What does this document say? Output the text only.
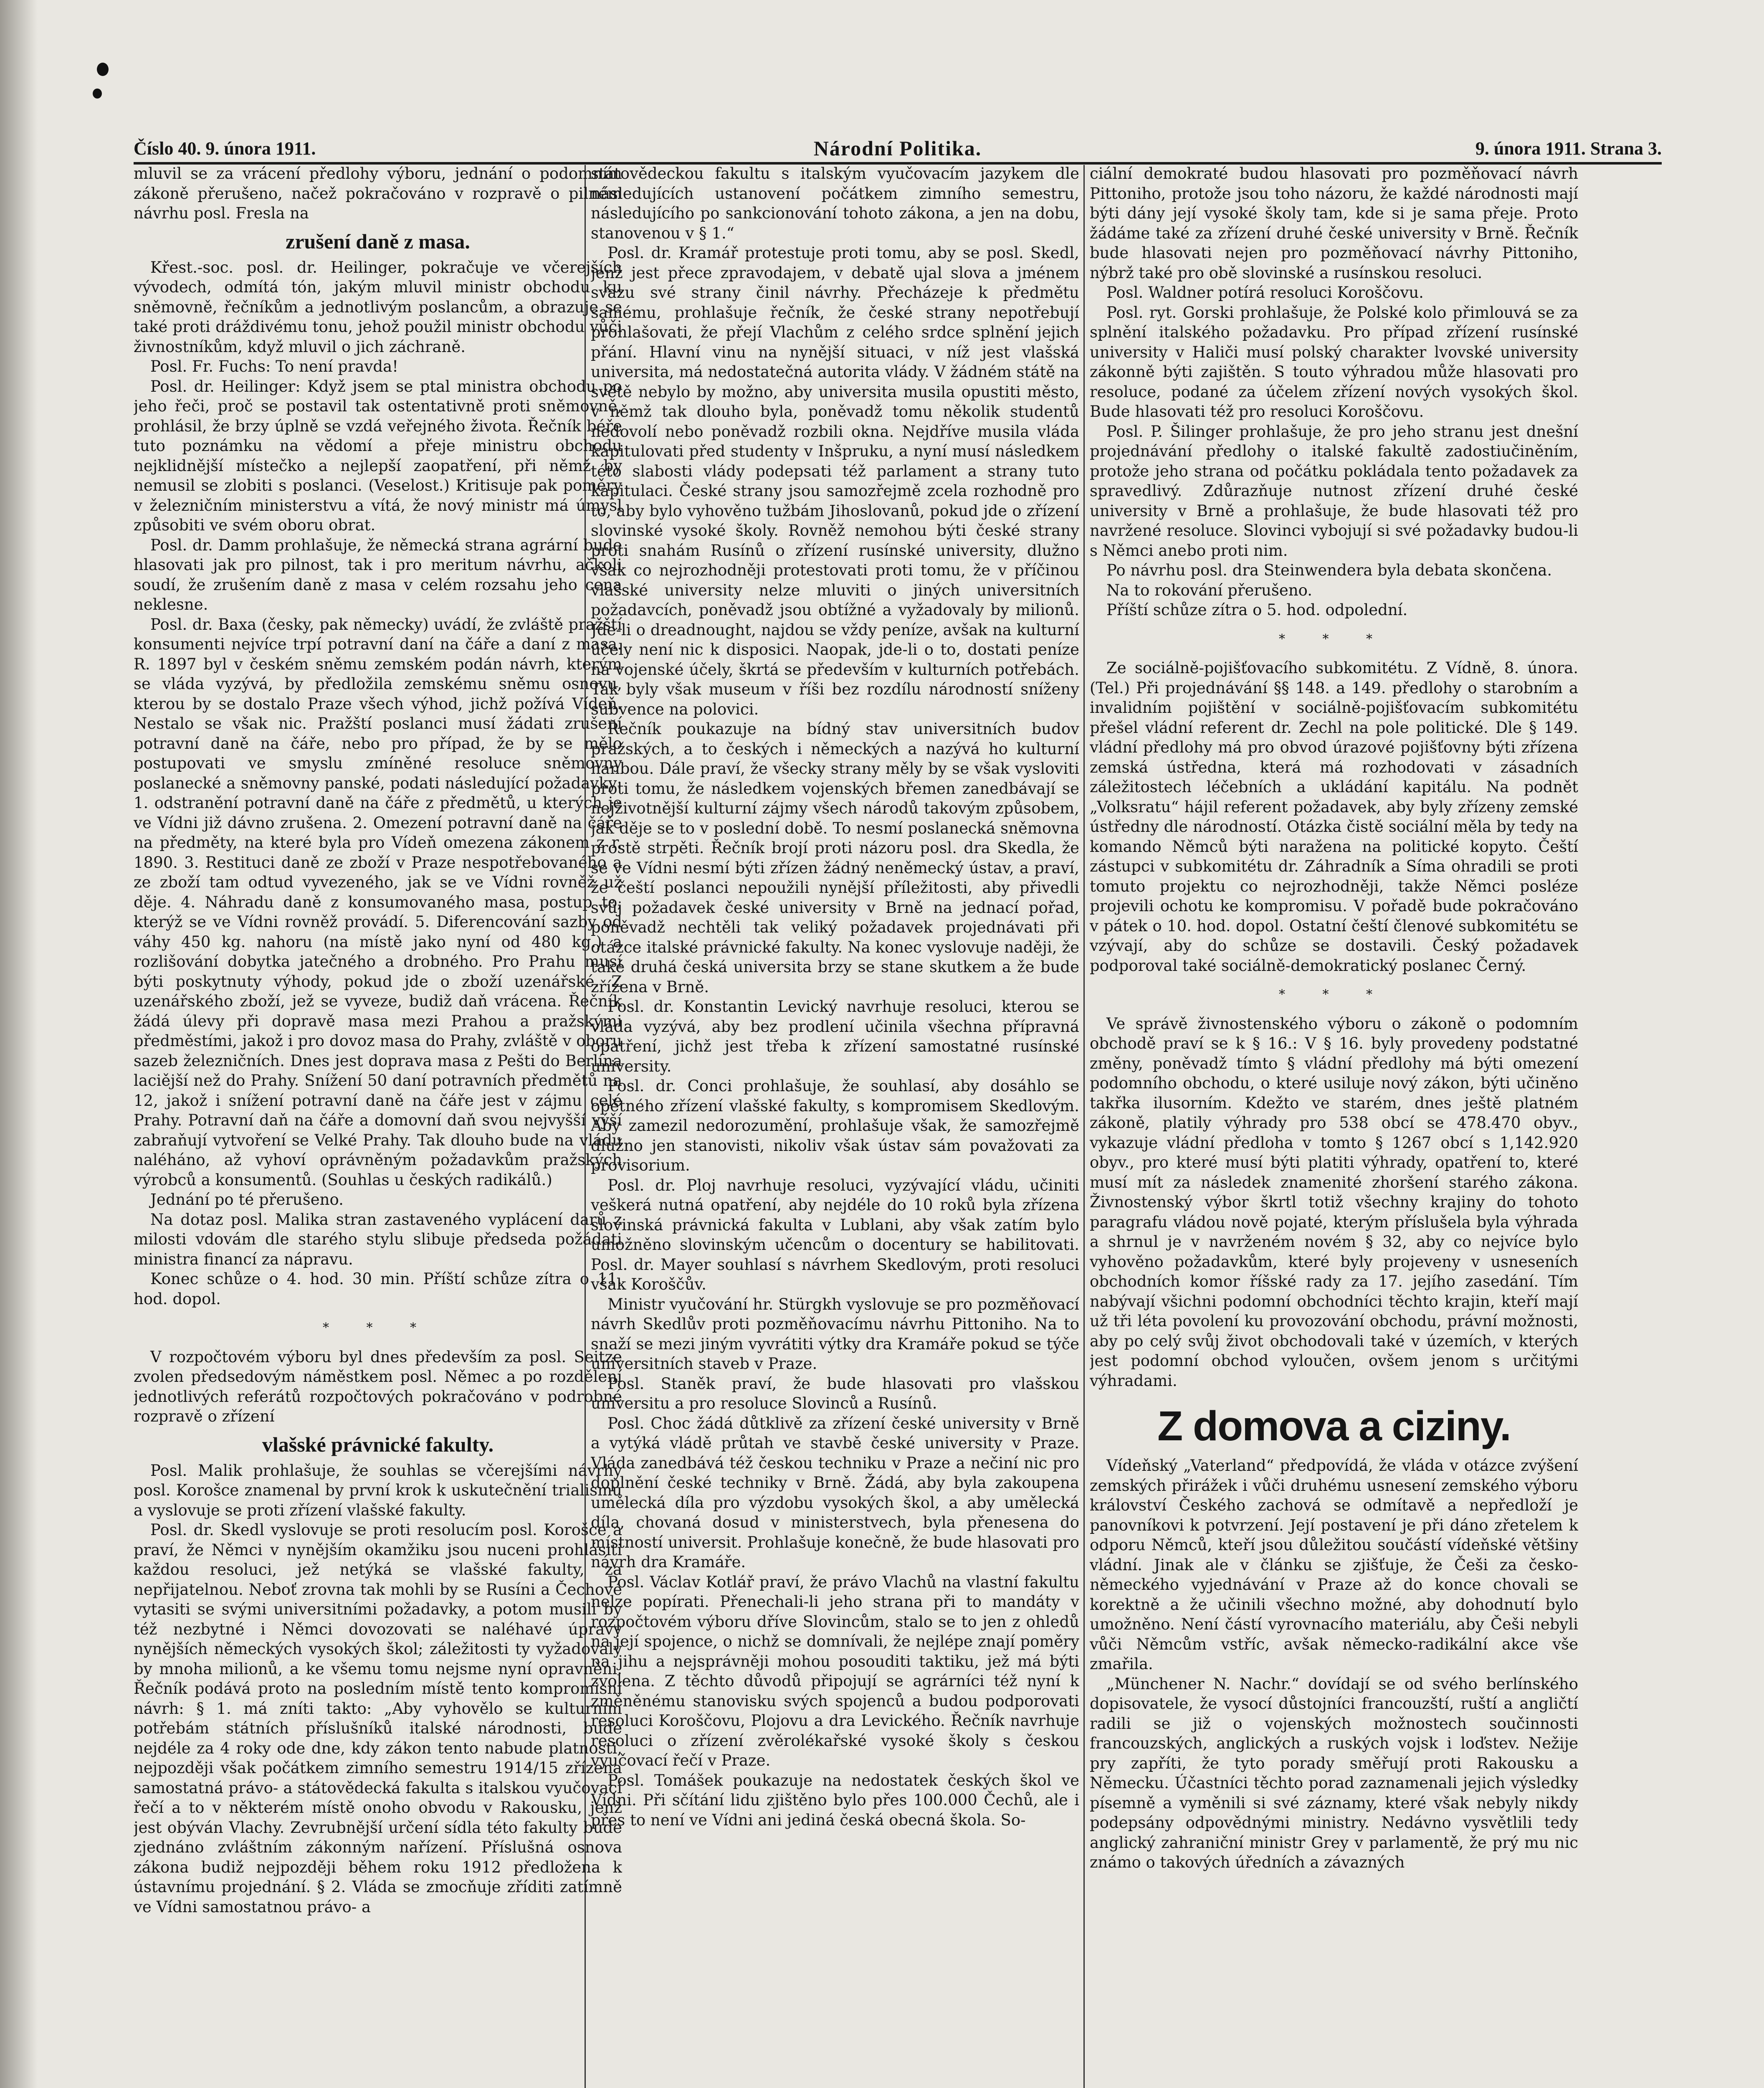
Číslo 40. 9. února 1911.	Národní Politika.	9. února 1911. Strana 3.

mluvil se za vrácení předlohy výboru, jednání o podomním zákoně přerušeno, načež pokračováno v rozpravě o pilném návrhu posl. Fresla na

zrušení daně z masa.

Křest.-soc. posl. dr. Heilinger, pokračuje ve včerejších vývodech, odmítá tón, jakým mluvil ministr obchodu ku sněmovně, řečníkům a jednotlivým poslancům, a obrazuje se také proti dráždivému tonu, jehož použil ministr obchodu vůči živnostníkům, když mluvil o jich záchraně.

Posl. Fr. Fuchs: To není pravda!

Posl. dr. Heilinger: Když jsem se ptal ministra obchodu po jeho řeči, proč se postavil tak ostentativně proti sněmovně, prohlásil, že brzy úplně se vzdá veřejného života. Řečník béře tuto poznámku na vědomí a přeje ministru obchodu nejklidnější místečko a nejlepší zaopatření, při němž by nemusil se zlobiti s poslanci. (Veselost.) Kritisuje pak poměry v železničním ministerstvu a vítá, že nový ministr má úmysl způsobiti ve svém oboru obrat.

Posl. dr. Damm prohlašuje, že německá strana agrární bude hlasovati jak pro pilnost, tak i pro meritum návrhu, ačkoli soudí, že zrušením daně z masa v celém rozsahu jeho cena neklesne.

Posl. dr. Baxa (česky, pak německy) uvádí, že zvláště pražští konsumenti nejvíce trpí potravní daní na čáře a daní z masa. R. 1897 byl v českém sněmu zemském podán návrh, kterým se vláda vyzývá, by předložila zemskému sněmu osnovu, kterou by se dostalo Praze všech výhod, jichž požívá Vídeň. Nestalo se však nic. Pražští poslanci musí žádati zrušení potravní daně na čáře, nebo pro případ, že by se mělo postupovati ve smyslu zmíněné resoluce sněmovny poslanecké a sněmovny panské, podati následující požadavky: 1. odstranění potravní daně na čáře z předmětů, u kterých je ve Vídni již dávno zrušena. 2. Omezení potravní daně na čáře na předměty, na které byla pro Vídeň omezena zákonem z r. 1890. 3. Restituci daně ze zboží v Praze nespotřebovaného a ze zboží tam odtud vyvezeného, jak se ve Vídni rovněž už děje. 4. Náhradu daně z konsumovaného masa, postup to, kterýž se ve Vídni rovněž provádí. 5. Diferencování sazby od váhy 450 kg. nahoru (na místě jako nyní od 480 kg.) a rozlišování dobytka jatečného a drobného. Pro Prahu musí býti poskytnuty výhody, pokud jde o zboží uzenářské. Z uzenářského zboží, jež se vyveze, budiž daň vrácena. Řečník žádá úlevy při dopravě masa mezi Prahou a pražskými předměstími, jakož i pro dovoz masa do Prahy, zvláště v oboru sazeb železničních. Dnes jest doprava masa z Pešti do Berlína laciější než do Prahy. Snížení 50 daní potravních předmětů na 12, jakož i snížení potravní daně na čáře jest v zájmu celé Prahy. Potravní daň na čáře a domovní daň svou nejvyšší výší zabraňují vytvoření se Velké Prahy. Tak dlouho bude na vládu naléháno, až vyhoví oprávněným požadavkům pražských výrobců a konsumentů. (Souhlas u českých radikálů.)

Jednání po té přerušeno.

Na dotaz posl. Malika stran zastaveného vyplácení darů z milosti vdovám dle starého stylu slibuje předseda požádati ministra financí za nápravu.

Konec schůze o 4. hod. 30 min. Příští schůze zítra o 11. hod. dopol.

* * *

V rozpočtovém výboru byl dnes především za posl. Seitze zvolen předsedovým náměstkem posl. Němec a po rozdělení jednotlivých referátů rozpočtových pokračováno v podrobné rozpravě o zřízení

vlašské právnické fakulty.

Posl. Malik prohlašuje, že souhlas se včerejšími návrhy posl. Korošce znamenal by první krok k uskutečnění trialismu a vyslovuje se proti zřízení vlašské fakulty.

Posl. dr. Skedl vyslovuje se proti resolucím posl. Korošce a praví, že Němci v nynějším okamžiku jsou nuceni prohlásiti každou resoluci, jež netýká se vlašské fakulty, za nepřijatelnou. Neboť zrovna tak mohli by se Rusíni a Čechové vytasiti se svými universitními požadavky, a potom musili by též nezbytné i Němci dovozovati se naléhavé úpravy nynějších německých vysokých škol; záležitosti ty vyžadovaly by mnoha milionů, a ke všemu tomu nejsme nyní opravněni. Řečník podává proto na posledním místě tento kompromisní návrh: § 1. má zníti takto: „Aby vyhovělo se kulturním potřebám státních příslušníků italské národnosti, bude nejdéle za 4 roky ode dne, kdy zákon tento nabude platnosti, nejpozději však počátkem zimního semestru 1914/15 zřízena samostatná právo- a státovědecká fakulta s italskou vyučovací řečí a to v některém místě onoho obvodu v Rakousku, jenž jest obýván Vlachy. Zevrubnější určení sídla této fakulty bude zjednáno zvláštním zákonným nařízení. Příslušná osnova zákona budiž nejpozději během roku 1912 předložena k ústavnímu projednání. § 2. Vláda se zmocňuje zříditi zatímně ve Vídni samostatnou právo- a

státovědeckou fakultu s italským vyučovacím jazykem dle následujících ustanovení počátkem zimního semestru, následujícího po sankcionování tohoto zákona, a jen na dobu, stanovenou v § 1.“

Posl. dr. Kramář protestuje proti tomu, aby se posl. Skedl, jenž jest přece zpravodajem, v debatě ujal slova a jménem svazu své strany činil návrhy. Přecházeje k předmětu samému, prohlašuje řečník, že české strany nepotřebují prohlašovati, že přejí Vlachům z celého srdce splnění jejich přání. Hlavní vinu na nynější situaci, v níž jest vlašská universita, má nedostatečná autorita vlády. V žádném státě na světě nebylo by možno, aby universita musila opustiti město, v němž tak dlouho byla, poněvadž tomu několik studentů nedovolí nebo poněvadž rozbili okna. Nejdříve musila vláda kapitulovati před studenty v Inšpruku, a nyní musí následkem této slabosti vlády podepsati též parlament a strany tuto kapitulaci. České strany jsou samozřejmě zcela rozhodně pro to, aby bylo vyhověno tužbám Jihoslovanů, pokud jde o zřízení slovinské vysoké školy. Rovněž nemohou býti české strany proti snahám Rusínů o zřízení rusínské university, dlužno však co nejrozhodněji protestovati proti tomu, že v příčinou vlašské university nelze mluviti o jiných universitních požadavcích, poněvadž jsou obtížné a vyžadovaly by milionů. Jde-li o dreadnought, najdou se vždy peníze, avšak na kulturní účely není nic k disposici. Naopak, jde-li o to, dostati peníze na vojenské účely, škrtá se především v kulturních potřebách. Tak byly však museum v říši bez rozdílu národností sníženy subvence na polovici.

Řečník poukazuje na bídný stav universitních budov pražských, a to českých i německých a nazývá ho kulturní hanbou. Dále praví, že všecky strany měly by se však vysloviti proti tomu, že následkem vojenských břemen zanedbávají se nejživotnější kulturní zájmy všech národů takovým způsobem, jak děje se to v poslední době. To nesmí poslanecká sněmovna prostě strpěti. Řečník brojí proti názoru posl. dra Skedla, že se ve Vídni nesmí býti zřízen žádný neněmecký ústav, a praví, že čeští poslanci nepoužili nynější příležitosti, aby přivedli svůj požadavek české university v Brně na jednací pořad, poněvadž nechtěli tak veliký požadavek projednávati při otázce italské právnické fakulty. Na konec vyslovuje naději, že také druhá česká universita brzy se stane skutkem a že bude zřízena v Brně.

Posl. dr. Konstantin Levický navrhuje resoluci, kterou se vláda vyzývá, aby bez prodlení učinila všechna přípravná opatření, jichž jest třeba k zřízení samostatné rusínské university.

Posl. dr. Conci prohlašuje, že souhlasí, aby dosáhlo se opětného zřízení vlašské fakulty, s kompromisem Skedlovým. Aby zamezil nedorozumění, prohlašuje však, že samozřejmě dlužno jen stanovisti, nikoliv však ústav sám považovati za provisorium.

Posl. dr. Ploj navrhuje resoluci, vyzývající vládu, učiniti veškerá nutná opatření, aby nejdéle do 10 roků byla zřízena slovinská právnická fakulta v Lublani, aby však zatím bylo umožněno slovinským učencům o docentury se habilitovati. Posl. dr. Mayer souhlasí s návrhem Skedlovým, proti resoluci však Koroščův.

Ministr vyučování hr. Stürgkh vyslovuje se pro pozměňovací návrh Skedlův proti pozměňovacímu návrhu Pittoniho. Na to snaží se mezi jiným vyvrátiti výtky dra Kramáře pokud se týče universitních staveb v Praze.

Posl. Staněk praví, že bude hlasovati pro vlašskou universitu a pro resoluce Slovinců a Rusínů.

Posl. Choc žádá důtklivě za zřízení české university v Brně a vytýká vládě průtah ve stavbě české university v Praze. Vláda zanedbává též českou techniku v Praze a nečiní nic pro doplnění české techniky v Brně. Žádá, aby byla zakoupena umělecká díla pro výzdobu vysokých škol, a aby umělecká díla, chovaná dosud v ministerstvech, byla přenesena do místností universit. Prohlašuje konečně, že bude hlasovati pro návrh dra Kramáře.

Posl. Václav Kotlář praví, že právo Vlachů na vlastní fakultu nelze popírati. Přenechali-li jeho strana při to mandáty v rozpočtovém výboru dříve Slovincům, stalo se to jen z ohledů na její spojence, o nichž se domnívali, že nejlépe znají poměry na jihu a nejsprávněji mohou posouditi taktiku, jež má býti zvolena. Z těchto důvodů připojují se agrárníci též nyní k změněnému stanovisku svých spojenců a budou podporovati resoluci Koroščovu, Plojovu a dra Levického. Řečník navrhuje resoluci o zřízení zvěrolékařské vysoké školy s českou vyučovací řečí v Praze.

Posl. Tomášek poukazuje na nedostatek českých škol ve Vídni. Při sčítání lidu zjištěno bylo přes 100.000 Čechů, ale i přes to není ve Vídni ani jediná česká obecná škola. So-

ciální demokraté budou hlasovati pro pozměňovací návrh Pittoniho, protože jsou toho názoru, že každé národnosti mají býti dány její vysoké školy tam, kde si je sama přeje. Proto žádáme také za zřízení druhé české university v Brně. Řečník bude hlasovati nejen pro pozměňovací návrhy Pittoniho, nýbrž také pro obě slovinské a rusínskou resoluci.

Posl. Waldner potírá resoluci Koroščovu.

Posl. ryt. Gorski prohlašuje, že Polské kolo přimlouvá se za splnění italského požadavku. Pro případ zřízení rusínské university v Haliči musí polský charakter lvovské university zákonně býti zajištěn. S touto výhradou může hlasovati pro resoluce, podané za účelem zřízení nových vysokých škol. Bude hlasovati též pro resoluci Koroščovu.

Posl. P. Šilinger prohlašuje, že pro jeho stranu jest dnešní projednávání předlohy o italské fakultě zadostiučiněním, protože jeho strana od počátku pokládala tento požadavek za spravedlivý. Zdůrazňuje nutnost zřízení druhé české university v Brně a prohlašuje, že bude hlasovati též pro navržené resoluce. Slovinci vybojují si své požadavky budou-li s Němci anebo proti nim.

Po návrhu posl. dra Steinwendera byla debata skončena.

Na to rokování přerušeno.

Příští schůze zítra o 5. hod. odpolední.

* * *

Ze sociálně-pojišťovacího subkomitétu. Z Vídně, 8. února. (Tel.) Při projednávání §§ 148. a 149. předlohy o starobním a invalidním pojištění v sociálně-pojišťovacím subkomitétu přešel vládní referent dr. Zechl na pole politické. Dle § 149. vládní předlohy má pro obvod úrazové pojišťovny býti zřízena zemská ústředna, která má rozhodovati v zásadních záležitostech léčebních a ukládání kapitálu. Na podnět „Volksratu“ hájil referent požadavek, aby byly zřízeny zemské ústředny dle národností. Otázka čistě sociální měla by tedy na komando Němců býti naražena na politické kopyto. Čeští zástupci v subkomitétu dr. Záhradník a Síma ohradili se proti tomuto projektu co nejrozhodněji, takže Němci posléze projevili ochotu ke kompromisu. V pořadě bude pokračováno v pátek o 10. hod. dopol. Ostatní čeští členové subkomitétu se vzývají, aby do schůze se dostavili. Český požadavek podporoval také sociálně-demokratický poslanec Černý.

* * *

Ve správě živnostenského výboru o zákoně o podomním obchodě praví se k § 16.: V § 16. byly provedeny podstatné změny, poněvadž tímto § vládní předlohy má býti omezení podomního obchodu, o které usiluje nový zákon, býti učiněno takřka ilusorním. Kdežto ve starém, dnes ještě platném zákoně, platily výhrady pro 538 obcí se 478.470 obyv., vykazuje vládní předloha v tomto § 1267 obcí s 1,142.920 obyv., pro které musí býti platiti výhrady, opatření to, které musí mít za následek znamenité zhoršení starého zákona. Živnostenský výbor škrtl totiž všechny krajiny do tohoto paragrafu vládou nově pojaté, kterým příslušela byla výhrada a shrnul je v navrženém novém § 32, aby co nejvíce bylo vyhověno požadavkům, které byly projeveny v usneseních obchodních komor říšské rady za 17. jejího zasedání. Tím nabývají všichni podomní obchodníci těchto krajin, kteří mají už tři léta povolení ku provozování obchodu, právní možnosti, aby po celý svůj život obchodovali také v územích, v kterých jest podomní obchod vyloučen, ovšem jenom s určitými výhradami.

Z domova a ciziny.

Vídeňský „Vaterland“ předpovídá, že vláda v otázce zvýšení zemských přirážek i vůči druhému usnesení zemského výboru království Českého zachová se odmítavě a nepředloží je panovníkovi k potvrzení. Její postavení je při dáno zřetelem k odporu Němců, kteří jsou důležitou součástí vídeňské většiny vládní. Jinak ale v článku se zjišťuje, že Češi za česko-německého vyjednávání v Praze až do konce chovali se korektně a že učinili všechno možné, aby dohodnutí bylo umožněno. Není částí vyrovnacího materiálu, aby Češi nebyli vůči Němcům vstříc, avšak německo-radikální akce vše zmařila.

„Münchener N. Nachr.“ dovídají se od svého berlínského dopisovatele, že vysocí důstojníci francouzští, ruští a angličtí radili se již o vojenských možnostech součinnosti francouzských, anglických a ruských vojsk i loďstev. Nežije pry zapříti, že tyto porady směřují proti Rakousku a Německu. Účastníci těchto porad zaznamenali jejich výsledky písemně a vyměnili si své záznamy, které však nebyly nikdy podepsány odpovědnými ministry. Nedávno vysvětlili tedy anglický zahraniční ministr Grey v parlamentě, že prý mu nic známo o takových úředních a závazných
